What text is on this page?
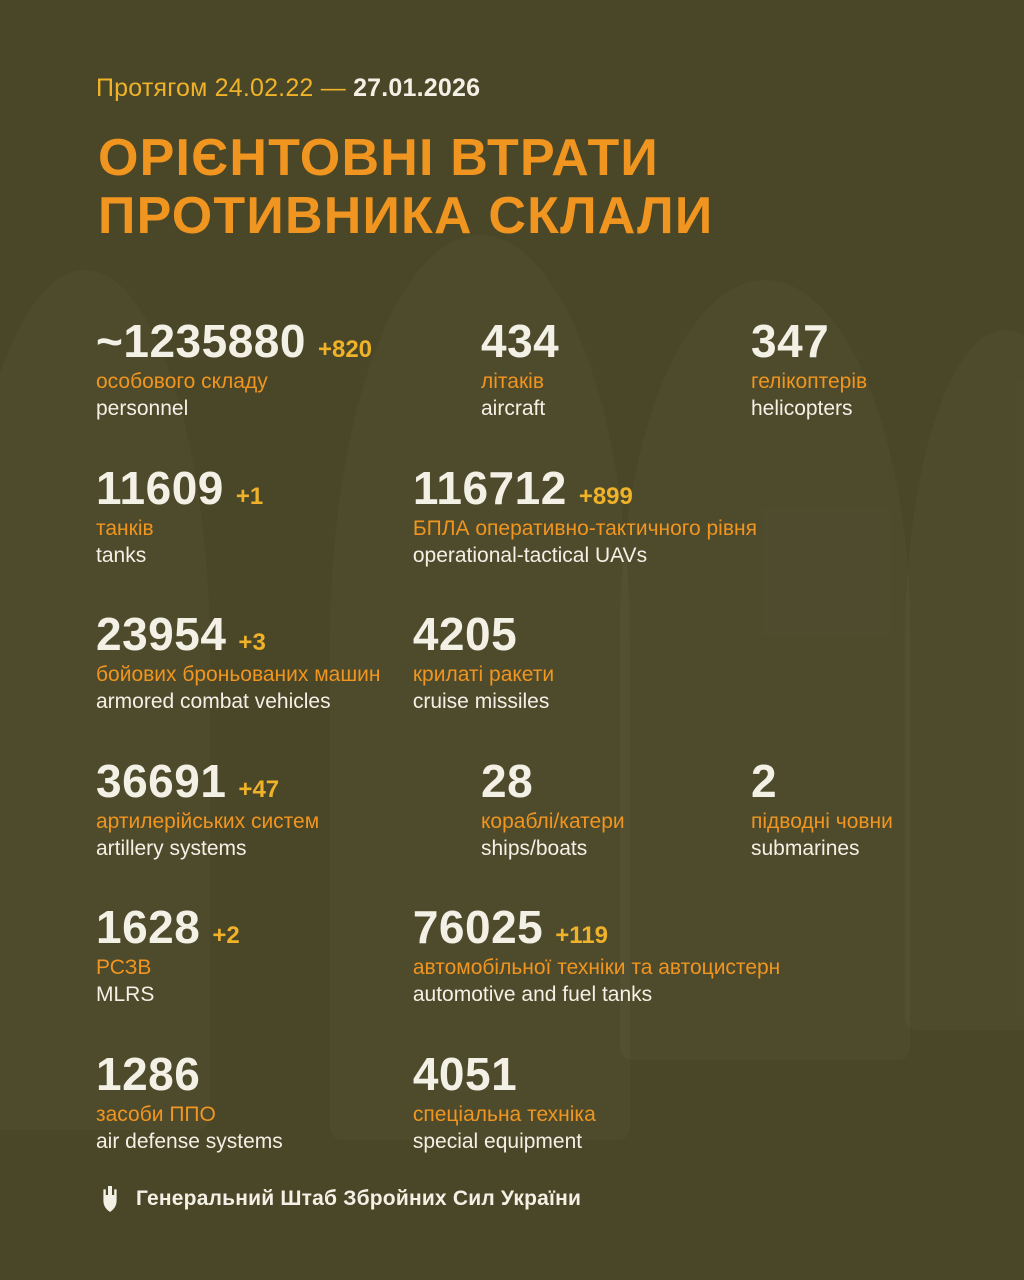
Протягом 24.02.22 — 27.01.2026
ОРІЄНТОВНІ ВТРАТИ
ПРОТИВНИКА СКЛАЛИ
~1235880 +820
особового складу
personnel
434
літаків
aircraft
347
гелікоптерів
helicopters
11609 +1
танків
tanks
116712 +899
БПЛА оперативно-тактичного рівня
operational-tactical UAVs
23954 +3
бойових броньованих машин
armored combat vehicles
4205
крилаті ракети
cruise missiles
36691 +47
артилерійських систем
artillery systems
28
кораблі/катери
ships/boats
2
підводні човни
submarines
1628 +2
РСЗВ
MLRS
76025 +119
автомобільної техніки та автоцистерн
automotive and fuel tanks
1286
засоби ППО
air defense systems
4051
спеціальна техніка
special equipment
Генеральний Штаб Збройних Сил України
